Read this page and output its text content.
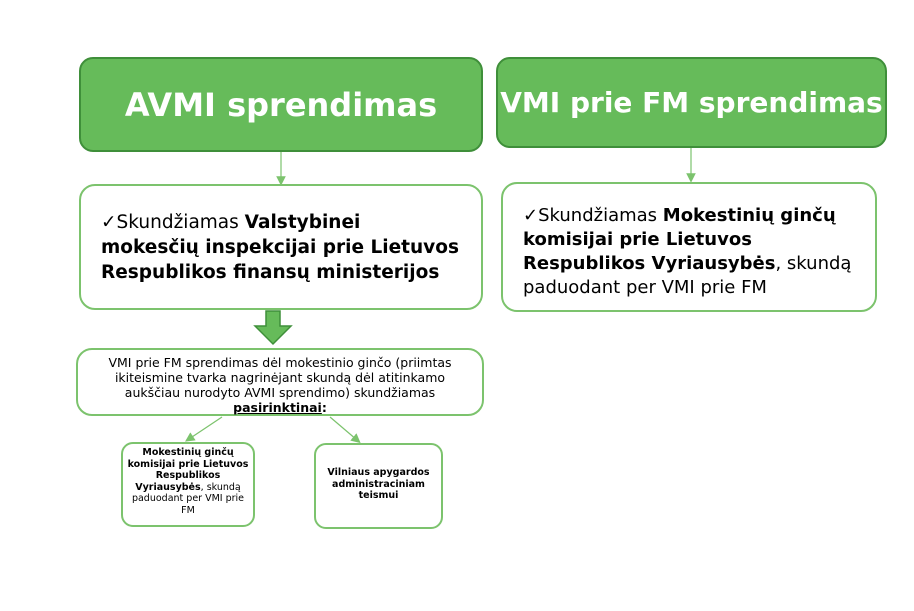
AVMI sprendimas VMI prie FM sprendimas
✓Skundžiamas Valstybinei mokesčių inspekcijai prie Lietuvos Respublikos finansų ministerijos
✓Skundžiamas Mokestinių ginčų komisijai prie Lietuvos Respublikos Vyriausybės, skundą paduodant per VMI prie FM
VMI prie FM sprendimas dėl mokestinio ginčo (priimtas ikiteismine tvarka nagrinėjant skundą dėl atitinkamo aukščiau nurodyto AVMI sprendimo) skundžiamas pasirinktinai:
Mokestinių ginčų komisijai prie Lietuvos Respublikos Vyriausybės, skundą paduodant per VMI prie FM
Vilniaus apygardos administraciniam teismui
